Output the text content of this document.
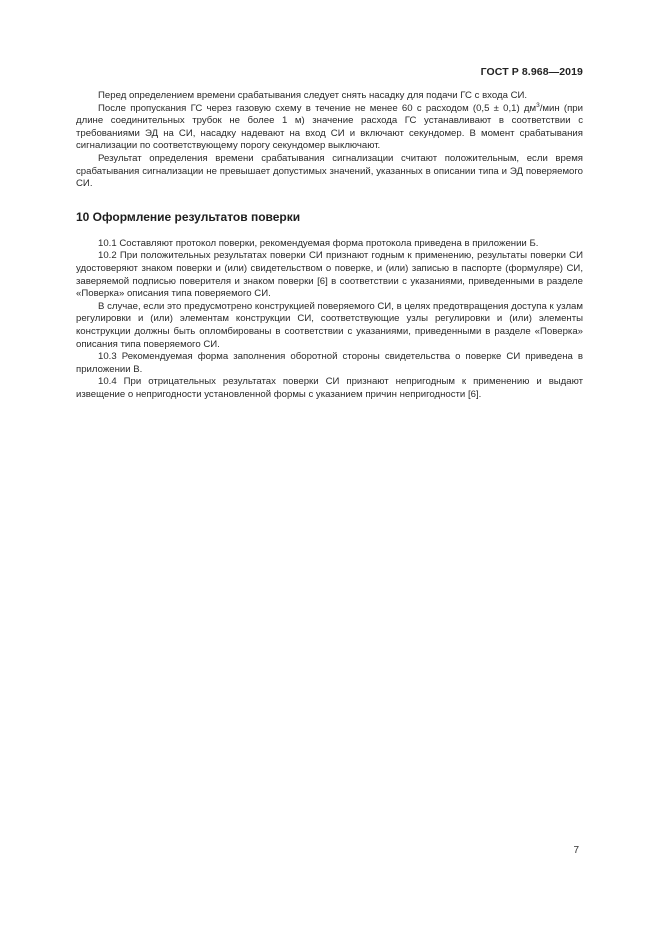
ГОСТ Р 8.968—2019

Перед определением времени срабатывания следует снять насадку для подачи ГС с входа СИ.

После пропускания ГС через газовую схему в течение не менее 60 с расходом (0,5 ± 0,1) $дм^3$/мин (при длине соединительных трубок не более 1 м) значение расхода ГС устанавливают в соответствии с требованиями ЭД на СИ, насадку надевают на вход СИ и включают секундомер. В момент срабатывания сигнализации по соответствующему порогу секундомер выключают.

Результат определения времени срабатывания сигнализации считают положительным, если время срабатывания сигнализации не превышает допустимых значений, указанных в описании типа и ЭД поверяемого СИ.

10 Оформление результатов поверки

10.1 Составляют протокол поверки, рекомендуемая форма протокола приведена в приложении Б.

10.2 При положительных результатах поверки СИ признают годным к применению, результаты поверки СИ удостоверяют знаком поверки и (или) свидетельством о поверке, и (или) записью в паспорте (формуляре) СИ, заверяемой подписью поверителя и знаком поверки [6] в соответствии с указаниями, приведенными в разделе «Поверка» описания типа поверяемого СИ.

В случае, если это предусмотрено конструкцией поверяемого СИ, в целях предотвращения доступа к узлам регулировки и (или) элементам конструкции СИ, соответствующие узлы регулировки и (или) элементы конструкции должны быть опломбированы в соответствии с указаниями, приведенными в разделе «Поверка» описания типа поверяемого СИ.

10.3 Рекомендуемая форма заполнения оборотной стороны свидетельства о поверке СИ приведена в приложении В.

10.4 При отрицательных результатах поверки СИ признают непригодным к применению и выдают извещение о непригодности установленной формы с указанием причин непригодности [6].

7
